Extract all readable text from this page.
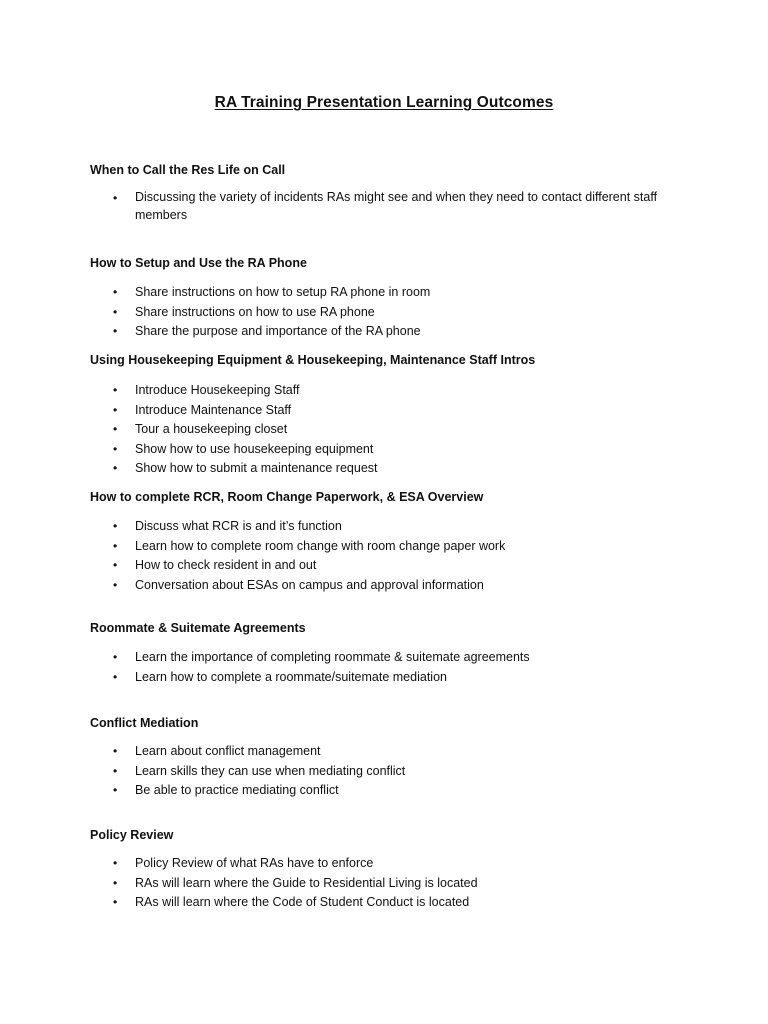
RA Training Presentation Learning Outcomes
When to Call the Res Life on Call
• Discussing the variety of incidents RAs might see and when they need to contact different staff members
How to Setup and Use the RA Phone
• Share instructions on how to setup RA phone in room
• Share instructions on how to use RA phone
• Share the purpose and importance of the RA phone
Using Housekeeping Equipment & Housekeeping, Maintenance Staff Intros
• Introduce Housekeeping Staff
• Introduce Maintenance Staff
• Tour a housekeeping closet
• Show how to use housekeeping equipment
• Show how to submit a maintenance request
How to complete RCR, Room Change Paperwork, & ESA Overview
• Discuss what RCR is and it’s function
• Learn how to complete room change with room change paper work
• How to check resident in and out
• Conversation about ESAs on campus and approval information
Roommate & Suitemate Agreements
• Learn the importance of completing roommate & suitemate agreements
• Learn how to complete a roommate/suitemate mediation
Conflict Mediation
• Learn about conflict management
• Learn skills they can use when mediating conflict
• Be able to practice mediating conflict
Policy Review
• Policy Review of what RAs have to enforce
• RAs will learn where the Guide to Residential Living is located
• RAs will learn where the Code of Student Conduct is located
